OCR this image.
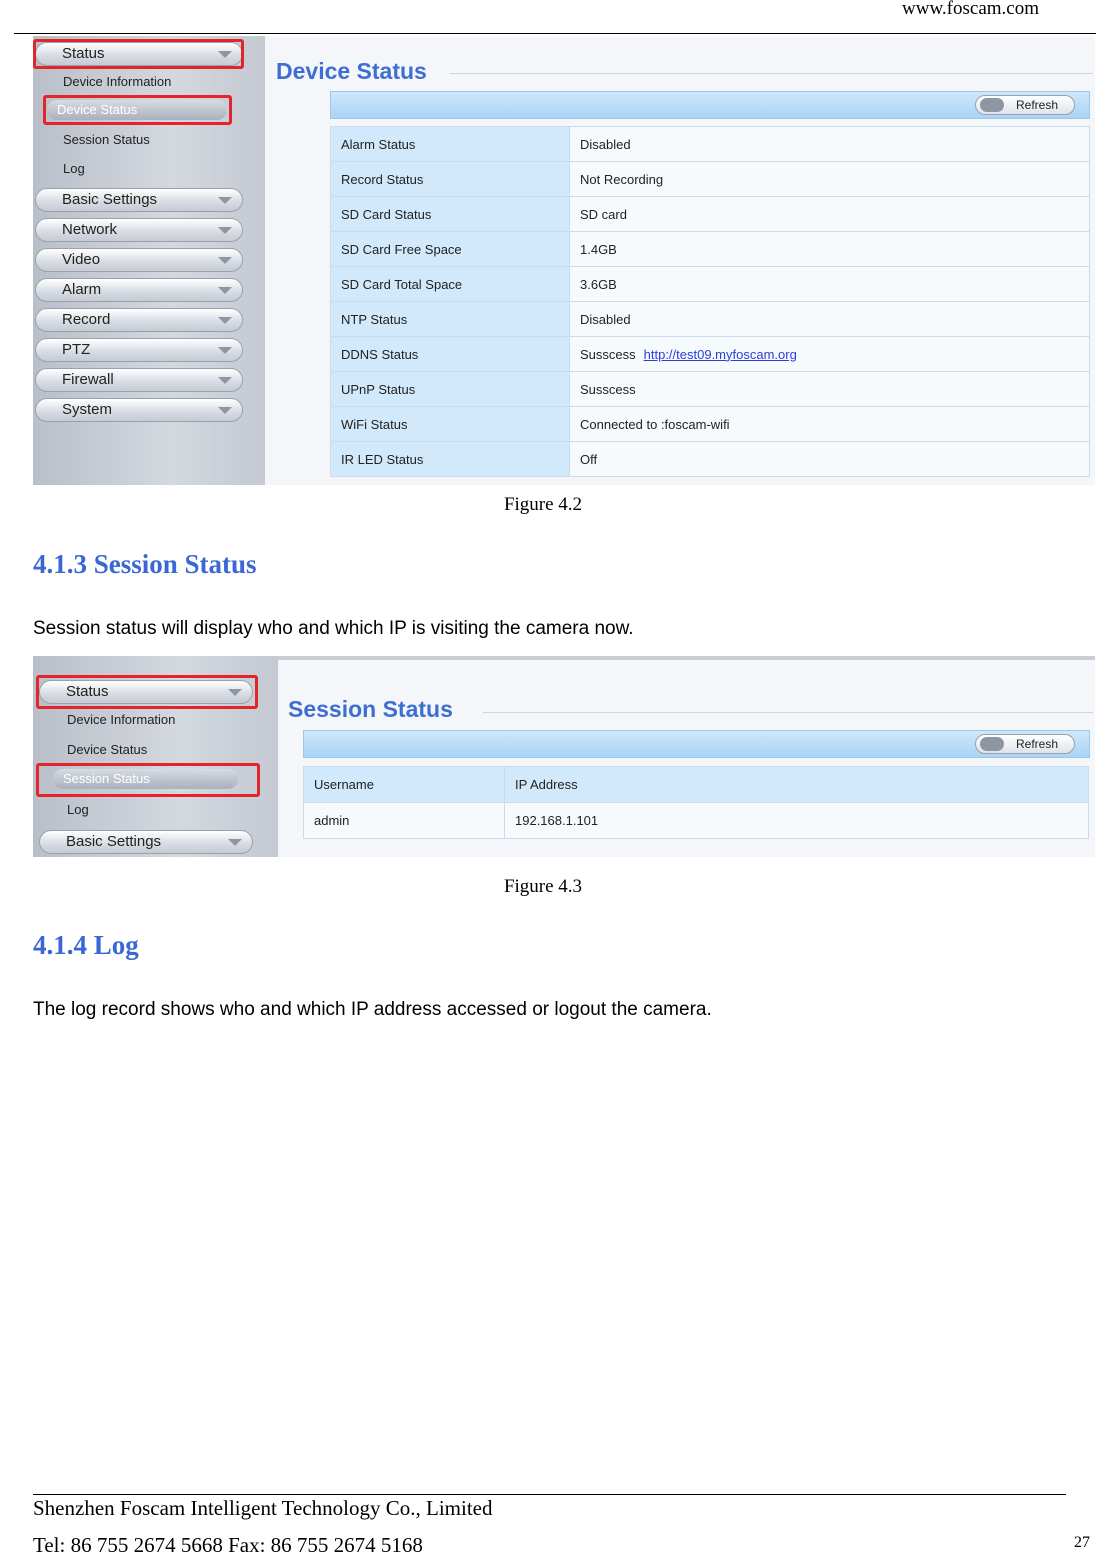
www.foscam.com
Status
Device Information
Device Status
Session Status
Log
Basic Settings
Network
Video
Alarm
Record
PTZ
Firewall
System
Device Status
Refresh
Alarm Status	Disabled
Record Status	Not Recording
SD Card Status	SD card
SD Card Free Space	1.4GB
SD Card Total Space	3.6GB
NTP Status	Disabled
DDNS Status	Susscess http://test09.myfoscam.org
UPnP Status	Susscess
WiFi Status	Connected to :foscam-wifi
IR LED Status	Off
Figure 4.2
4.1.3 Session Status
Session status will display who and which IP is visiting the camera now.
Status
Device Information
Device Status
Session Status
Log
Basic Settings
Session Status
Refresh
Username	IP Address
admin	192.168.1.101
Figure 4.3
4.1.4 Log
The log record shows who and which IP address accessed or logout the camera.
Shenzhen Foscam Intelligent Technology Co., Limited
Tel: 86 755 2674 5668 Fax: 86 755 2674 5168	27
